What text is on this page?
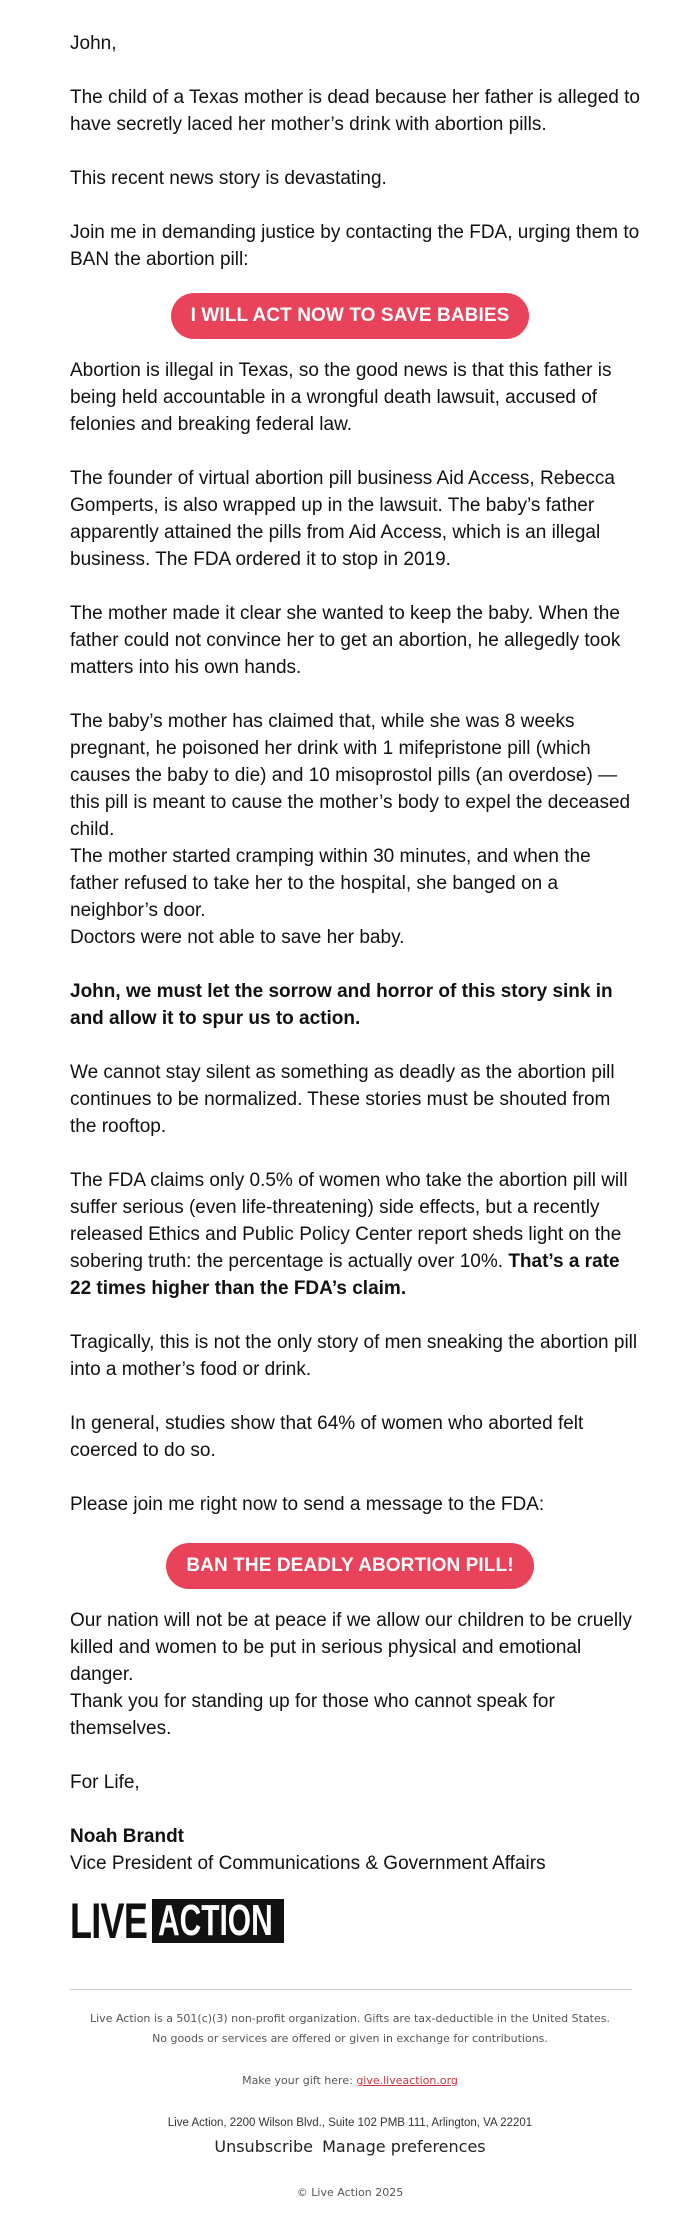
John,

The child of a Texas mother is dead because her father is alleged to have secretly laced her mother’s drink with abortion pills.

This recent news story is devastating.

Join me in demanding justice by contacting the FDA, urging them to BAN the abortion pill:

I WILL ACT NOW TO SAVE BABIES

Abortion is illegal in Texas, so the good news is that this father is being held accountable in a wrongful death lawsuit, accused of felonies and breaking federal law.

The founder of virtual abortion pill business Aid Access, Rebecca Gomperts, is also wrapped up in the lawsuit. The baby’s father apparently attained the pills from Aid Access, which is an illegal business. The FDA ordered it to stop in 2019.

The mother made it clear she wanted to keep the baby. When the father could not convince her to get an abortion, he allegedly took matters into his own hands.

The baby’s mother has claimed that, while she was 8 weeks pregnant, he poisoned her drink with 1 mifepristone pill (which causes the baby to die) and 10 misoprostol pills (an overdose) — this pill is meant to cause the mother’s body to expel the deceased child.

The mother started cramping within 30 minutes, and when the father refused to take her to the hospital, she banged on a neighbor’s door.

Doctors were not able to save her baby.

John, we must let the sorrow and horror of this story sink in and allow it to spur us to action.

We cannot stay silent as something as deadly as the abortion pill continues to be normalized. These stories must be shouted from the rooftop.

The FDA claims only 0.5% of women who take the abortion pill will suffer serious (even life-threatening) side effects, but a recently released Ethics and Public Policy Center report sheds light on the sobering truth: the percentage is actually over 10%. That’s a rate 22 times higher than the FDA’s claim.

Tragically, this is not the only story of men sneaking the abortion pill into a mother’s food or drink.

In general, studies show that 64% of women who aborted felt coerced to do so.

Please join me right now to send a message to the FDA:

BAN THE DEADLY ABORTION PILL!

Our nation will not be at peace if we allow our children to be cruelly killed and women to be put in serious physical and emotional danger.

Thank you for standing up for those who cannot speak for themselves.

For Life,

Noah Brandt
Vice President of Communications & Government Affairs
LIVE ACTION
Live Action is a 501(c)(3) non-profit organization. Gifts are tax-deductible in the United States.
No goods or services are offered or given in exchange for contributions.
Make your gift here: give.liveaction.org
Live Action, 2200 Wilson Blvd., Suite 102 PMB 111, Arlington, VA 22201
Unsubscribe Manage preferences
© Live Action 2025
